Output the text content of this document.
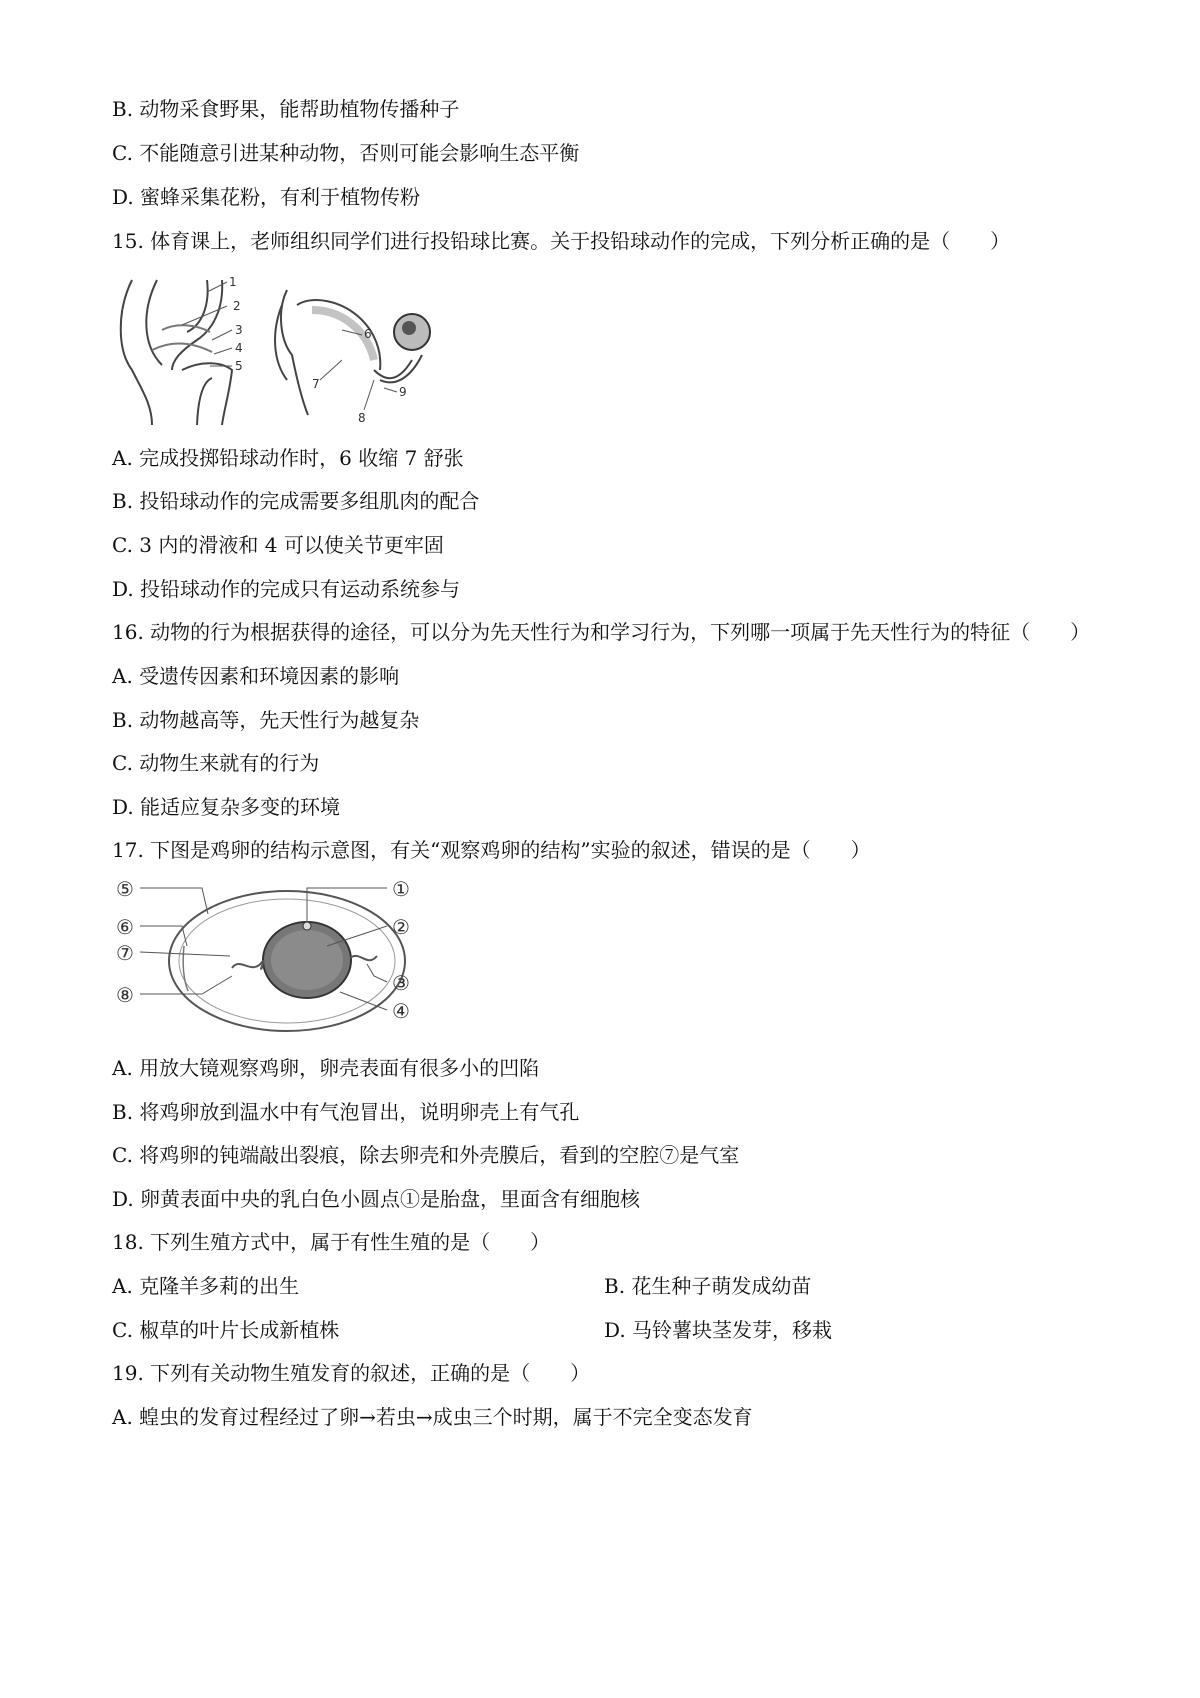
B. 动物采食野果，能帮助植物传播种子
C. 不能随意引进某种动物，否则可能会影响生态平衡
D. 蜜蜂采集花粉，有利于植物传粉
15. 体育课上，老师组织同学们进行投铅球比赛。关于投铅球动作的完成，下列分析正确的是（　　）
1
2
3
4
5
6
7
8
9
A. 完成投掷铅球动作时，6 收缩 7 舒张
B. 投铅球动作的完成需要多组肌肉的配合
C. 3 内的滑液和 4 可以使关节更牢固
D. 投铅球动作的完成只有运动系统参与
16. 动物的行为根据获得的途径，可以分为先天性行为和学习行为，下列哪一项属于先天性行为的特征（　　）
A. 受遗传因素和环境因素的影响
B. 动物越高等，先天性行为越复杂
C. 动物生来就有的行为
D. 能适应复杂多变的环境
17. 下图是鸡卵的结构示意图，有关“观察鸡卵的结构”实验的叙述，错误的是（　　）
⑤
⑥
⑦
⑧
①
②
③
④
A. 用放大镜观察鸡卵，卵壳表面有很多小的凹陷
B. 将鸡卵放到温水中有气泡冒出，说明卵壳上有气孔
C. 将鸡卵的钝端敲出裂痕，除去卵壳和外壳膜后，看到的空腔⑦是气室
D. 卵黄表面中央的乳白色小圆点①是胎盘，里面含有细胞核
18. 下列生殖方式中，属于有性生殖的是（　　）
A. 克隆羊多莉的出生	B. 花生种子萌发成幼苗
C. 椒草的叶片长成新植株	D. 马铃薯块茎发芽，移栽
19. 下列有关动物生殖发育的叙述，正确的是（　　）
A. 蝗虫的发育过程经过了卵→若虫→成虫三个时期，属于不完全变态发育
